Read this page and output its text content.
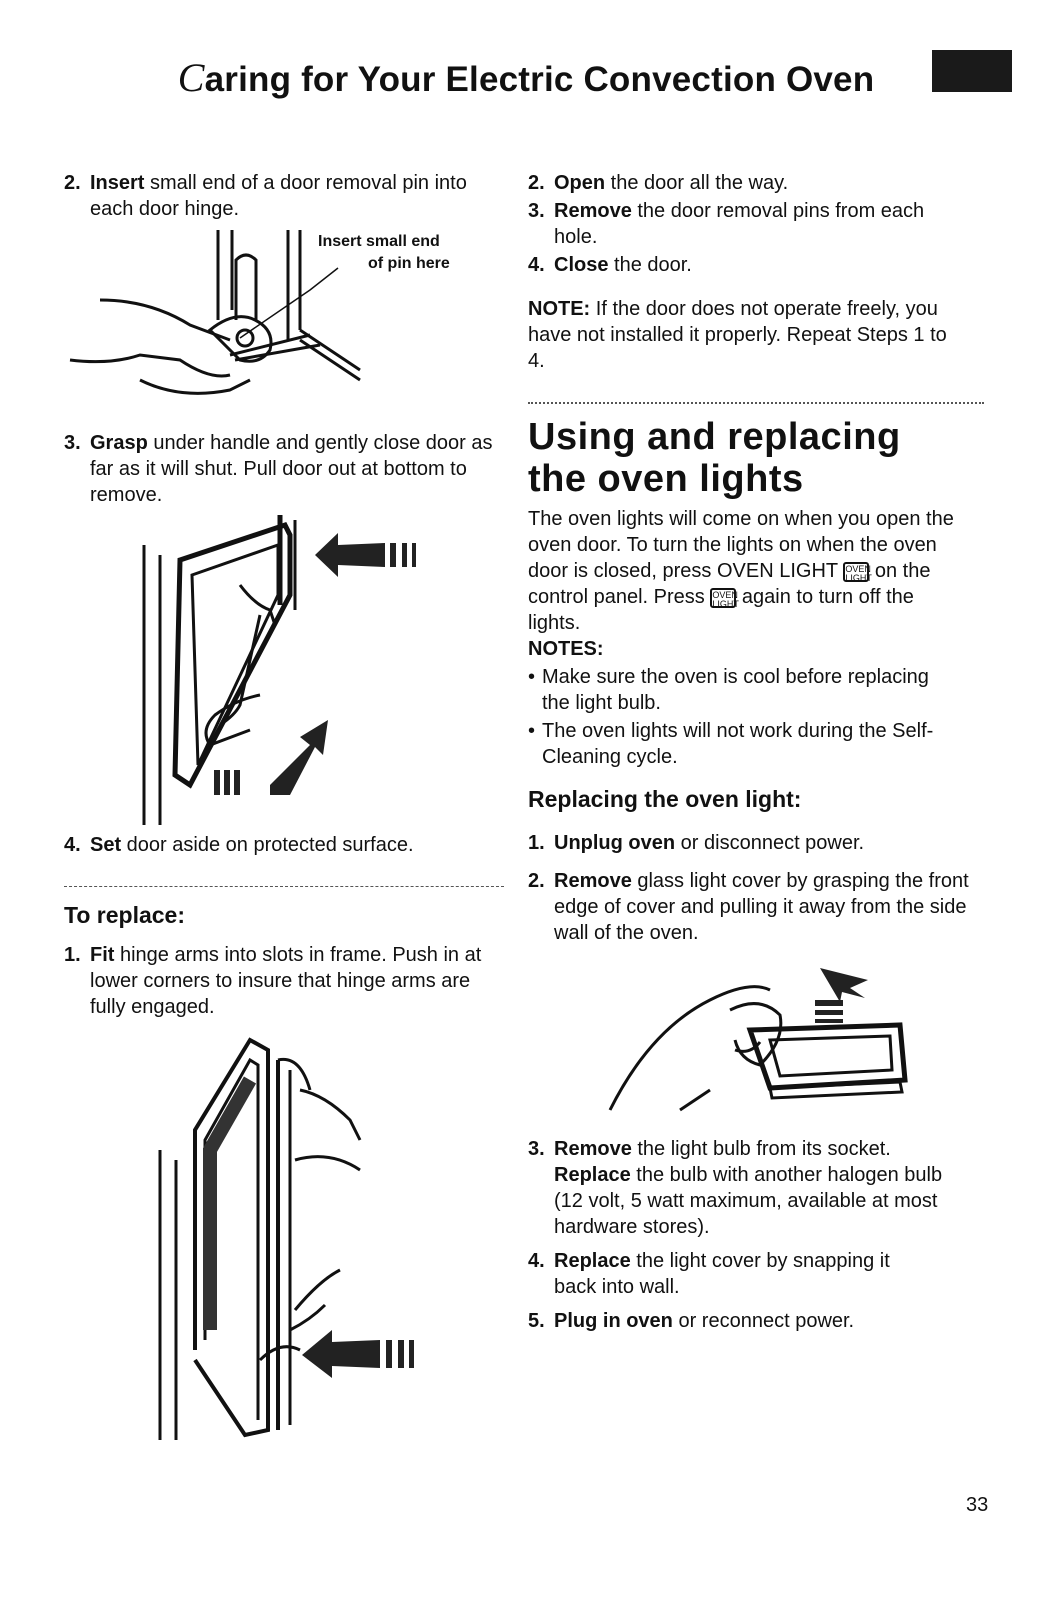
Caring for Your Electric Convection Oven
2. Insert small end of a door removal pin into each door hinge.
Insert small end
of pin here
3. Grasp under handle and gently close door as far as it will shut. Pull door out at bottom to remove.
4. Set door aside on protected surface.
To replace:
1. Fit hinge arms into slots in frame. Push in at lower corners to insure that hinge arms are fully engaged.
2. Open the door all the way.
3. Remove the door removal pins from each hole.
4. Close the door.
NOTE: If the door does not operate freely, you have not installed it properly. Repeat Steps 1 to 4.
Using and replacing
the oven lights
The oven lights will come on when you open the oven door. To turn the lights on when the oven door is closed, press OVEN LIGHT OVEN LIGHT on the control panel. Press OVEN LIGHT again to turn off the lights.
NOTES:
• Make sure the oven is cool before replacing the light bulb.
• The oven lights will not work during the Self-Cleaning cycle.
Replacing the oven light:
1. Unplug oven or disconnect power.
2. Remove glass light cover by grasping the front edge of cover and pulling it away from the side wall of the oven.
3. Remove the light bulb from its socket. Replace the bulb with another halogen bulb (12 volt, 5 watt maximum, available at most hardware stores).
4. Replace the light cover by snapping it back into wall.
5. Plug in oven or reconnect power.
33
